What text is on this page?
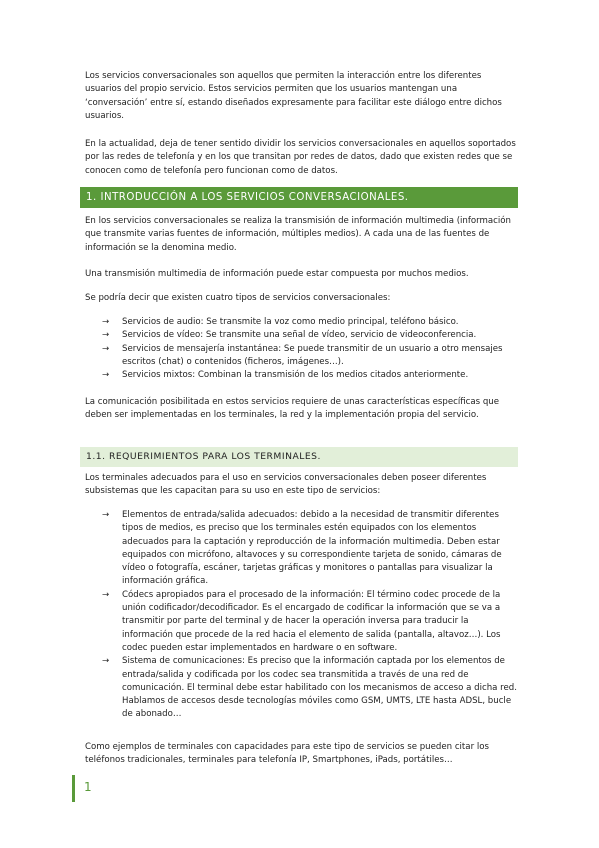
Los servicios conversacionales son aquellos que permiten la interacción entre los diferentes usuarios del propio servicio. Estos servicios permiten que los usuarios mantengan una ‘conversación’ entre sí, estando diseñados expresamente para facilitar este diálogo entre dichos usuarios.

En la actualidad, deja de tener sentido dividir los servicios conversacionales en aquellos soportados por las redes de telefonía y en los que transitan por redes de datos, dado que existen redes que se conocen como de telefonía pero funcionan como de datos.

1. INTRODUCCIÓN A LOS SERVICIOS CONVERSACIONALES.

En los servicios conversacionales se realiza la transmisión de información multimedia (información que transmite varias fuentes de información, múltiples medios). A cada una de las fuentes de información se la denomina medio.

Una transmisión multimedia de información puede estar compuesta por muchos medios.

Se podría decir que existen cuatro tipos de servicios conversacionales:

→ Servicios de audio: Se transmite la voz como medio principal, teléfono básico.
→ Servicios de vídeo: Se transmite una señal de vídeo, servicio de videoconferencia.
→ Servicios de mensajería instantánea: Se puede transmitir de un usuario a otro mensajes escritos (chat) o contenidos (ficheros, imágenes…).
→ Servicios mixtos: Combinan la transmisión de los medios citados anteriormente.

La comunicación posibilitada en estos servicios requiere de unas características específicas que deben ser implementadas en los terminales, la red y la implementación propia del servicio.

1.1. REQUERIMIENTOS PARA LOS TERMINALES.

Los terminales adecuados para el uso en servicios conversacionales deben poseer diferentes subsistemas que les capacitan para su uso en este tipo de servicios:

→ Elementos de entrada/salida adecuados: debido a la necesidad de transmitir diferentes tipos de medios, es preciso que los terminales estén equipados con los elementos adecuados para la captación y reproducción de la información multimedia. Deben estar equipados con micrófono, altavoces y su correspondiente tarjeta de sonido, cámaras de vídeo o fotografía, escáner, tarjetas gráficas y monitores o pantallas para visualizar la información gráfica.
→ Códecs apropiados para el procesado de la información: El término codec procede de la unión codificador/decodificador. Es el encargado de codificar la información que se va a transmitir por parte del terminal y de hacer la operación inversa para traducir la información que procede de la red hacia el elemento de salida (pantalla, altavoz…). Los codec pueden estar implementados en hardware o en software.
→ Sistema de comunicaciones: Es preciso que la información captada por los elementos de entrada/salida y codificada por los codec sea transmitida a través de una red de comunicación. El terminal debe estar habilitado con los mecanismos de acceso a dicha red. Hablamos de accesos desde tecnologías móviles como GSM, UMTS, LTE hasta ADSL, bucle de abonado…

Como ejemplos de terminales con capacidades para este tipo de servicios se pueden citar los teléfonos tradicionales, terminales para telefonía IP, Smartphones, iPads, portátiles…

1
